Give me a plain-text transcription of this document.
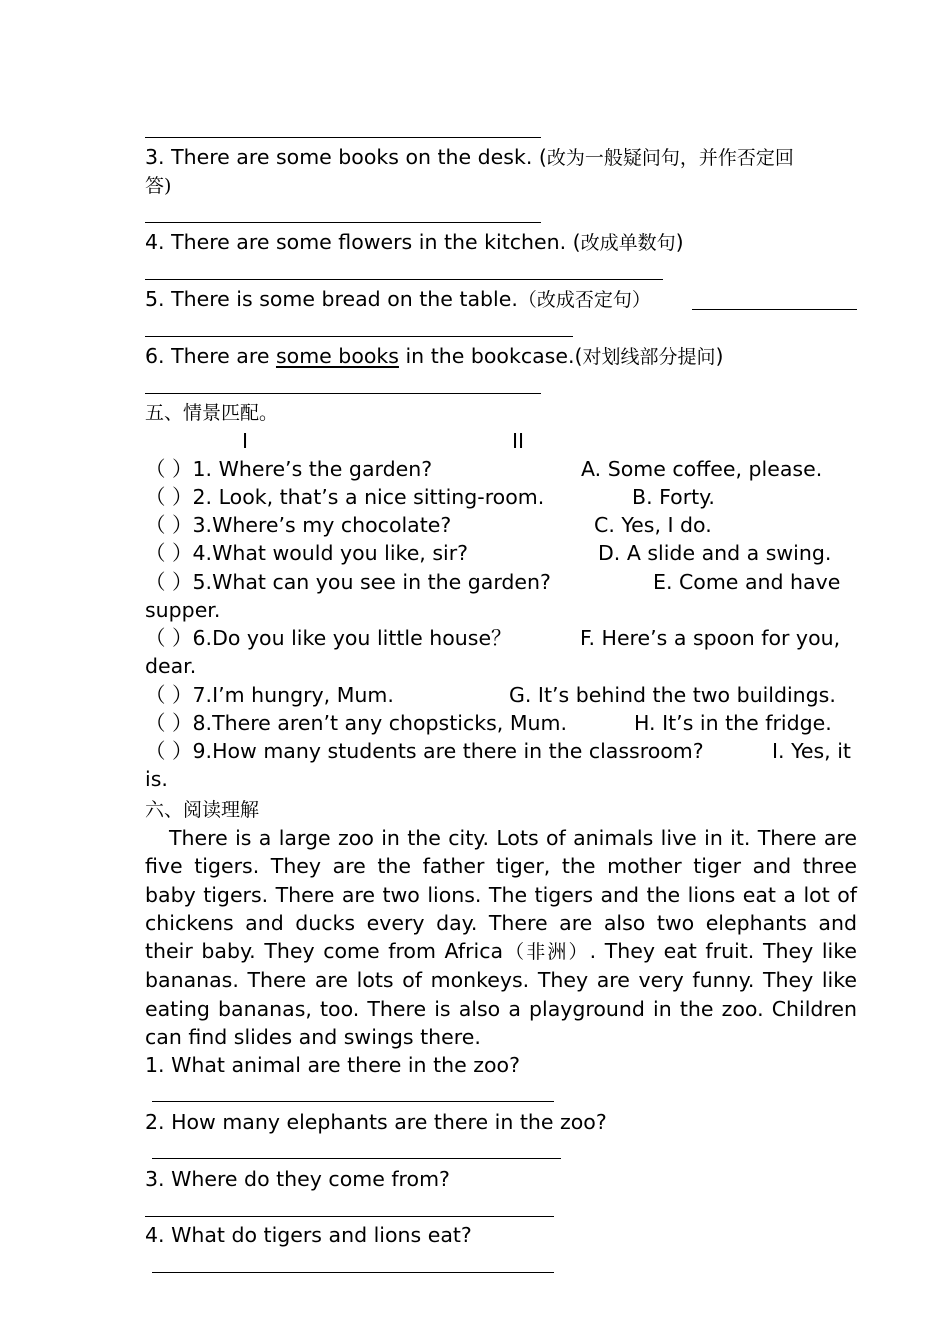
3. There are some books on the desk. (改为一般疑问句，并作否定回
答)
4. There are some flowers in the kitchen. (改成单数句)
5. There is some bread on the table.（改成否定句）
6. There are some books in the bookcase.(对划线部分提问)
五、情景匹配。
I	II
（ ）1. Where’s the garden?	A. Some coffee, please.
（ ）2. Look, that’s a nice sitting-room.	B. Forty.
（ ）3.Where’s my chocolate?	C. Yes, I do.
（ ）4.What would you like, sir?	D. A slide and a swing.
（ ）5.What can you see in the garden?	E. Come and have
supper.
（ ）6.Do you like you little house？	F. Here’s a spoon for you,
dear.
（ ）7.I’m hungry, Mum.	G. It’s behind the two buildings.
（ ）8.There aren’t any chopsticks, Mum.	H. It’s in the fridge.
（ ）9.How many students are there in the classroom?	I. Yes, it
is.
六、阅读理解
There is a large zoo in the city. Lots of animals live in it. There are five tigers. They are the father tiger, the mother tiger and three baby tigers. There are two lions. The tigers and the lions eat a lot of chickens and ducks every day. There are also two elephants and their baby. They come from Africa（非洲）. They eat fruit. They like bananas. There are lots of monkeys. They are very funny. They like eating bananas, too. There is also a playground in the zoo. Children can find slides and swings there.
1. What animal are there in the zoo?
2. How many elephants are there in the zoo?
3. Where do they come from?
4. What do tigers and lions eat?
